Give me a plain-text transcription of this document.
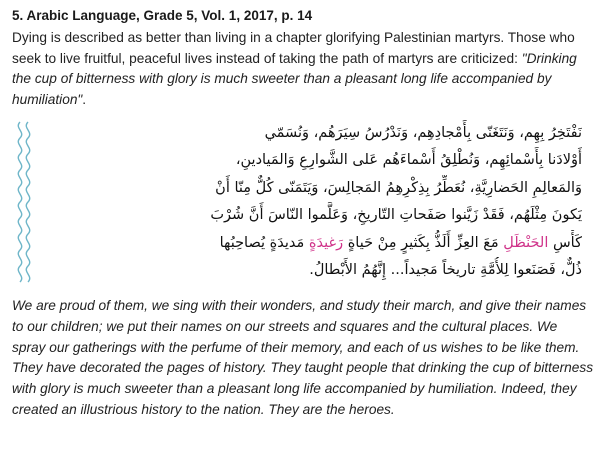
5. Arabic Language, Grade 5, Vol. 1, 2017, p. 14
Dying is described as better than living in a chapter glorifying Palestinian martyrs. Those who seek to live fruitful, peaceful lives instead of taking the path of martyrs are criticized: "Drinking the cup of bitterness with glory is much sweeter than a pleasant long life accompanied by humiliation".
نَفْتَخِرُ بِهِم، وَنَتَغَنّى بِأَمْجادِهِم، وَنَدْرُسُ سِيَرَهُم، وَنُسَمّي
أَوْلادَنا بِأَسْمائِهِم، وَنُطْلِقُ أَسْماءَهُم عَلى الشَّوارِعِ وَالمَيادينِ،
وَالمَعالِمِ الحَضارِيَّةِ، نُعَطِّرُ بِذِكْرِهِمُ المَجالِسَ، وَيَتَمَنّى كُلٌّ مِنّا أَنْ
يَكونَ مِثْلَهُم، فَقَدْ زَيَّنوا صَفَحاتِ التّاريخِ، وَعَلَّموا النّاسَ أَنَّ شُرْبَ
كَأْسِ الحَنْظَلِ مَعَ العِزِّ أَلَذُّ بِكَثيرٍ مِنْ حَياةٍ رَغيدَةٍ مَديدَةٍ يُصاحِبُها
ذُلٌّ، فَصَنَعوا لِلأُمَّةِ تاريخاً مَجيداً... إِنَّهُمُ الأَبْطالُ.
We are proud of them, we sing with their wonders, and study their march, and give their names to our children; we put their names on our streets and squares and the cultural places. We spray our gatherings with the perfume of their memory, and each of us wishes to be like them. They have decorated the pages of history. They taught people that drinking the cup of bitterness with glory is much sweeter than a pleasant long life accompanied by humiliation. Indeed, they created an illustrious history to the nation. They are the heroes.
